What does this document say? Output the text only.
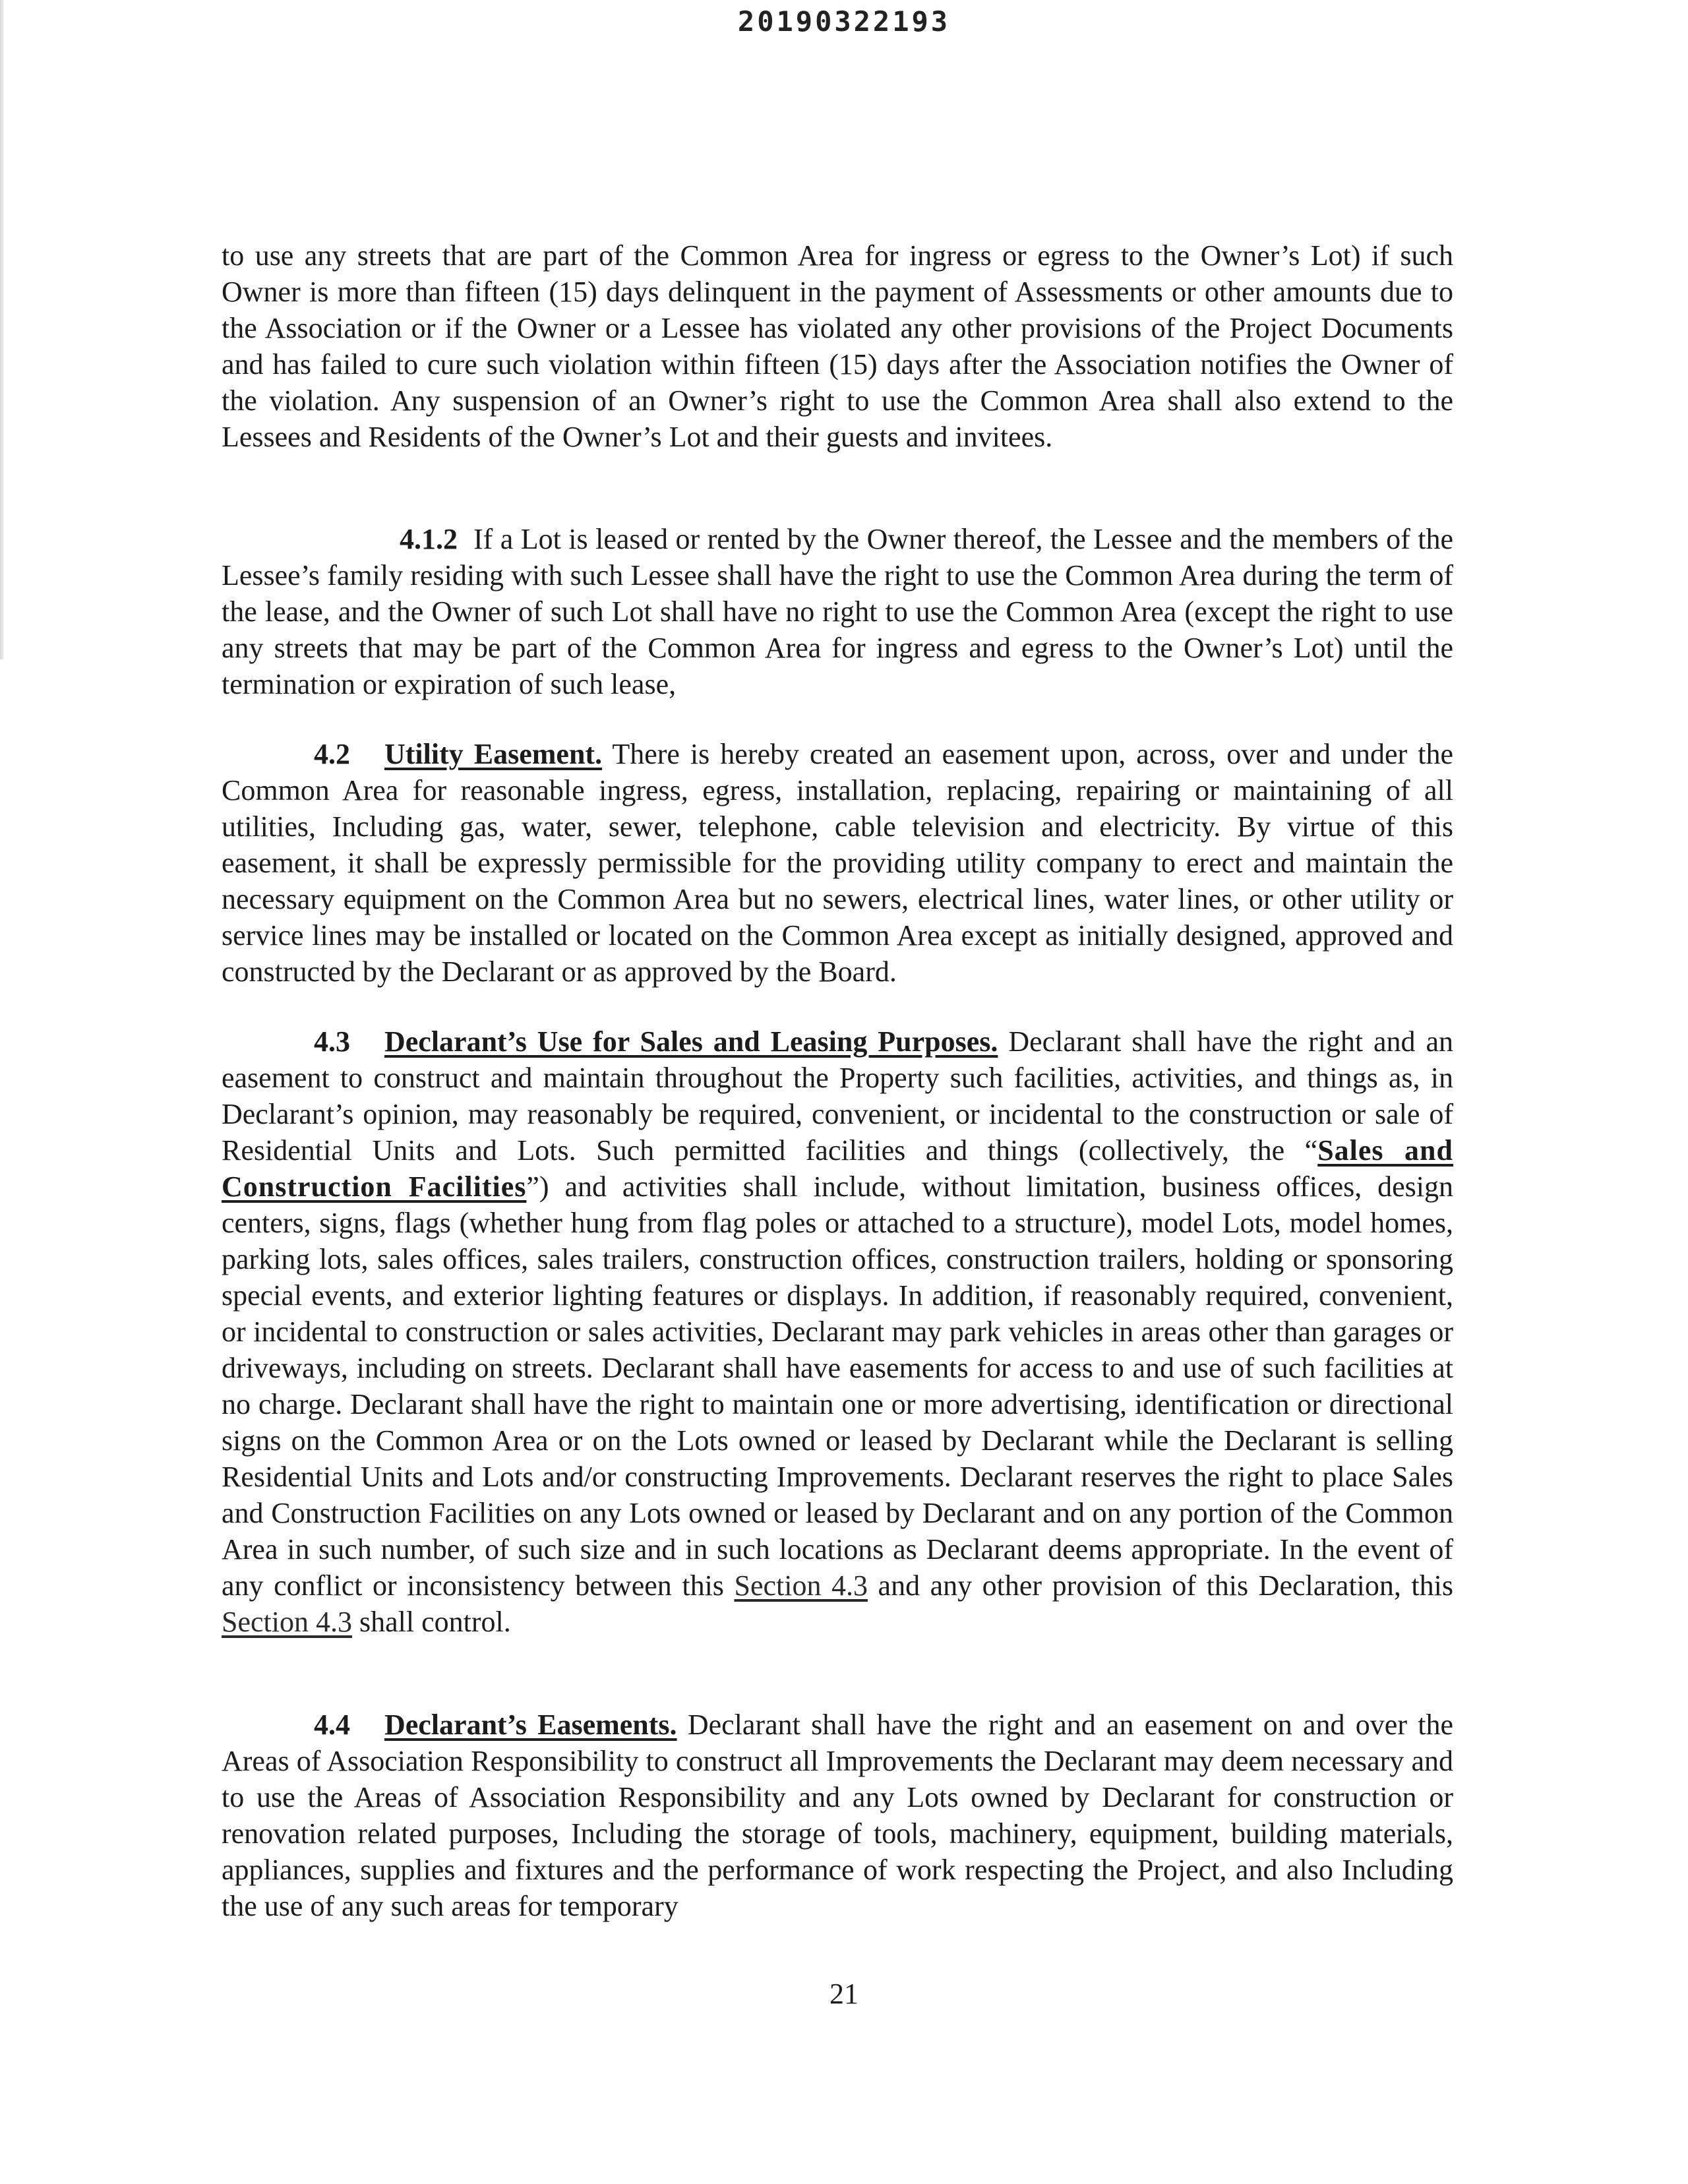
20190322193

to use any streets that are part of the Common Area for ingress or egress to the Owner’s Lot) if such Owner is more than fifteen (15) days delinquent in the payment of Assessments or other amounts due to the Association or if the Owner or a Lessee has violated any other provisions of the Project Documents and has failed to cure such violation within fifteen (15) days after the Association notifies the Owner of the violation. Any suspension of an Owner’s right to use the Common Area shall also extend to the Lessees and Residents of the Owner’s Lot and their guests and invitees.

4.1.2 If a Lot is leased or rented by the Owner thereof, the Lessee and the members of the Lessee’s family residing with such Lessee shall have the right to use the Common Area during the term of the lease, and the Owner of such Lot shall have no right to use the Common Area (except the right to use any streets that may be part of the Common Area for ingress and egress to the Owner’s Lot) until the termination or expiration of such lease,

4.2 Utility Easement. There is hereby created an easement upon, across, over and under the Common Area for reasonable ingress, egress, installation, replacing, repairing or maintaining of all utilities, Including gas, water, sewer, telephone, cable television and electricity. By virtue of this easement, it shall be expressly permissible for the providing utility company to erect and maintain the necessary equipment on the Common Area but no sewers, electrical lines, water lines, or other utility or service lines may be installed or located on the Common Area except as initially designed, approved and constructed by the Declarant or as approved by the Board.

4.3 Declarant’s Use for Sales and Leasing Purposes. Declarant shall have the right and an easement to construct and maintain throughout the Property such facilities, activities, and things as, in Declarant’s opinion, may reasonably be required, convenient, or incidental to the construction or sale of Residential Units and Lots. Such permitted facilities and things (collectively, the “Sales and Construction Facilities”) and activities shall include, without limitation, business offices, design centers, signs, flags (whether hung from flag poles or attached to a structure), model Lots, model homes, parking lots, sales offices, sales trailers, construction offices, construction trailers, holding or sponsoring special events, and exterior lighting features or displays. In addition, if reasonably required, convenient, or incidental to construction or sales activities, Declarant may park vehicles in areas other than garages or driveways, including on streets. Declarant shall have easements for access to and use of such facilities at no charge. Declarant shall have the right to maintain one or more advertising, identification or directional signs on the Common Area or on the Lots owned or leased by Declarant while the Declarant is selling Residential Units and Lots and/or constructing Improvements. Declarant reserves the right to place Sales and Construction Facilities on any Lots owned or leased by Declarant and on any portion of the Common Area in such number, of such size and in such locations as Declarant deems appropriate. In the event of any conflict or inconsistency between this Section 4.3 and any other provision of this Declaration, this Section 4.3 shall control.

4.4 Declarant’s Easements. Declarant shall have the right and an easement on and over the Areas of Association Responsibility to construct all Improvements the Declarant may deem necessary and to use the Areas of Association Responsibility and any Lots owned by Declarant for construction or renovation related purposes, Including the storage of tools, machinery, equipment, building materials, appliances, supplies and fixtures and the performance of work respecting the Project, and also Including the use of any such areas for temporary

21
